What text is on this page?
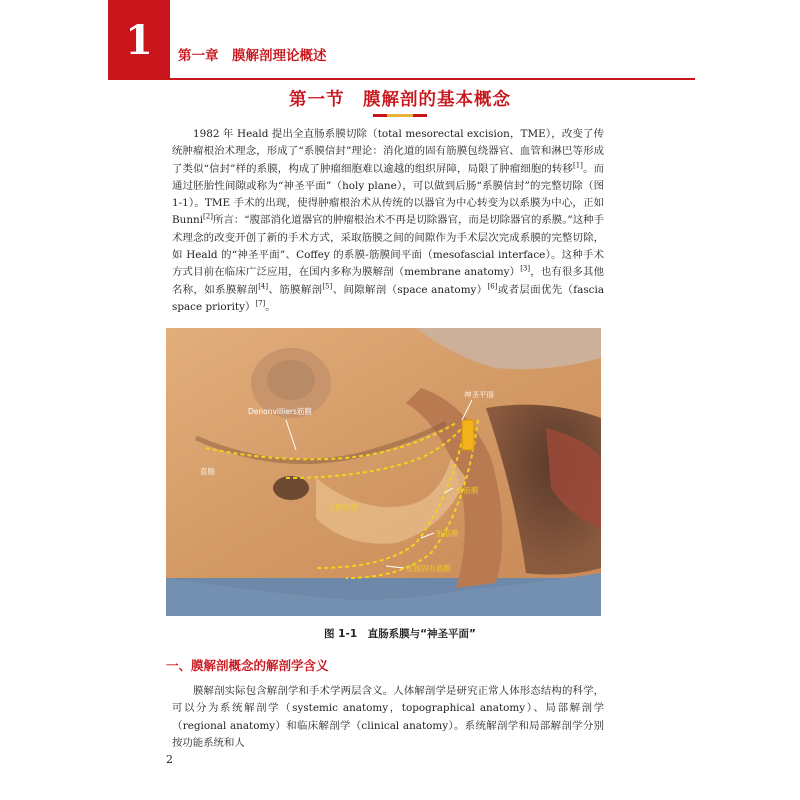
1 第一章　膜解剖理论概述
第一节　膜解剖的基本概念

1982 年 Heald 提出全直肠系膜切除（total mesorectal excision，TME），改变了传统肿瘤根治术理念，形成了“系膜信封”理论：消化道的固有筋膜包绕器官、血管和淋巴等形成了类似“信封”样的系膜，构成了肿瘤细胞难以逾越的组织屏障，局限了肿瘤细胞的转移[1]。而通过胚胎性间隙或称为“神圣平面”（holy plane），可以做到后肠“系膜信封”的完整切除（图 1-1）。TME 手术的出现，使得肿瘤根治术从传统的以器官为中心转变为以系膜为中心，正如 Bunni[2]所言：“腹部消化道器官的肿瘤根治术不再是切除器官，而是切除器官的系膜。”这种手术理念的改变开创了新的手术方式，采取筋膜之间的间隙作为手术层次完成系膜的完整切除，如 Heald 的“神圣平面”、Coffey 的系膜-筋膜间平面（mesofascial interface）。这种手术方式目前在临床广泛应用，在国内多称为膜解剖（membrane anatomy）[3]，也有很多其他名称，如系膜解剖[4]、筋膜解剖[5]、间隙解剖（space anatomy）[6]或者层面优先（fascia space priority）[7]。

Denonvilliers筋膜
神圣平面
直肠
直肠系膜
壁筋膜
脏筋膜
直肠固有筋膜
图 1-1　直肠系膜与“神圣平面”
一、膜解剖概念的解剖学含义

膜解剖实际包含解剖学和手术学两层含义。人体解剖学是研究正常人体形态结构的科学，可以分为系统解剖学（systemic anatomy，topographical anatomy）、局部解剖学（regional anatomy）和临床解剖学（clinical anatomy）。系统解剖学和局部解剖学分别按功能系统和人

2
